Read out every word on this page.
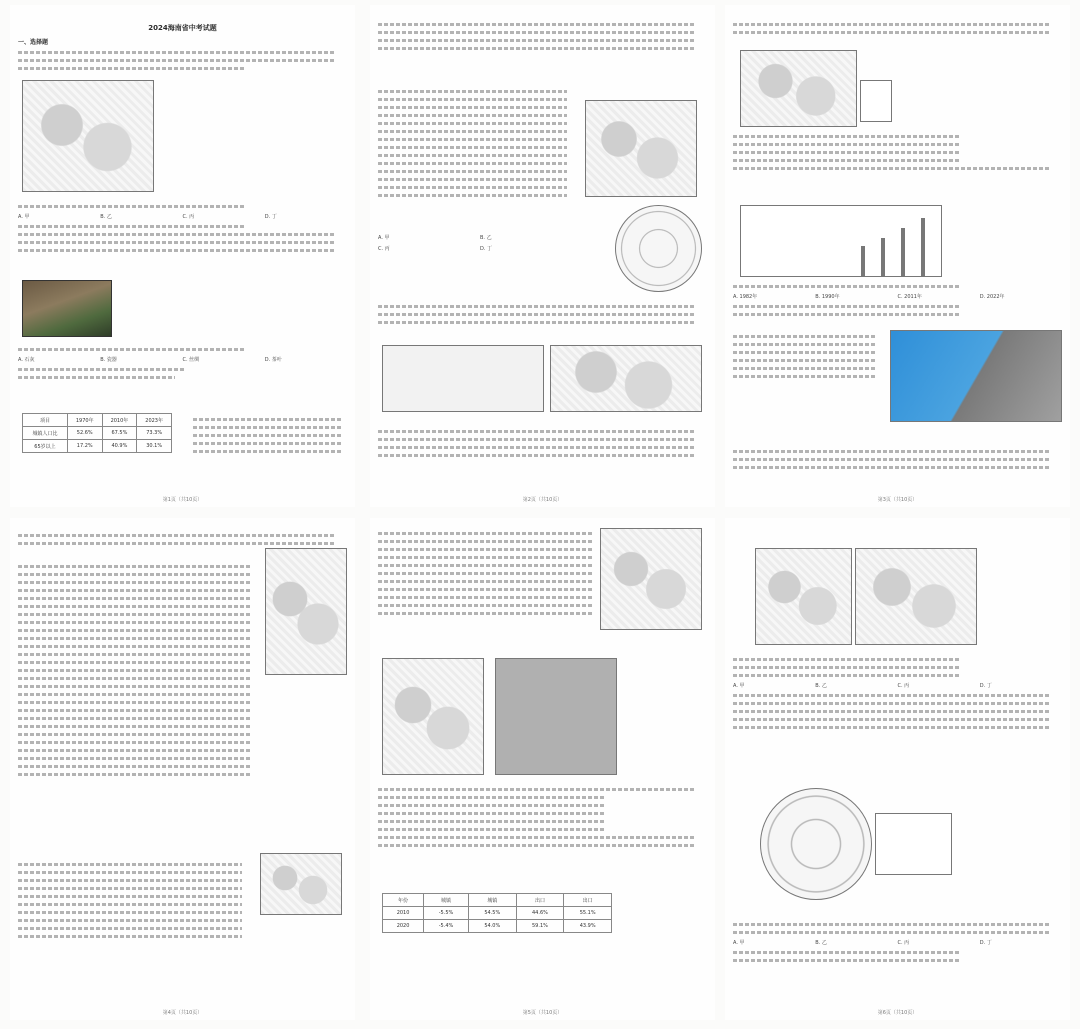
2024海南省中考试题
一、选择题
A. 甲	B. 乙	C. 丙	D. 丁
A. 石灰	B. 瓷器	C. 丝绸	D. 茶叶
项目	1970年	2010年	2023年
城镇人口比	52.6%	67.5%	73.3%
65岁以上	17.2%	40.9%	30.1%
第1页（共10页）
A. 甲	B. 乙
C. 丙	D. 丁
第2页（共10页）
A. 1982年	B. 1990年	C. 2011年	D. 2022年
第3页（共10页）
第4页（共10页）
年份	城镇	城镇	出口	出口
2010	-5.5%	54.5%	44.6%	55.1%
2020	-5.4%	54.0%	59.1%	43.9%
第5页（共10页）
A. 甲	B. 乙	C. 丙	D. 丁
A. 甲	B. 乙	C. 丙	D. 丁
第6页（共10页）
